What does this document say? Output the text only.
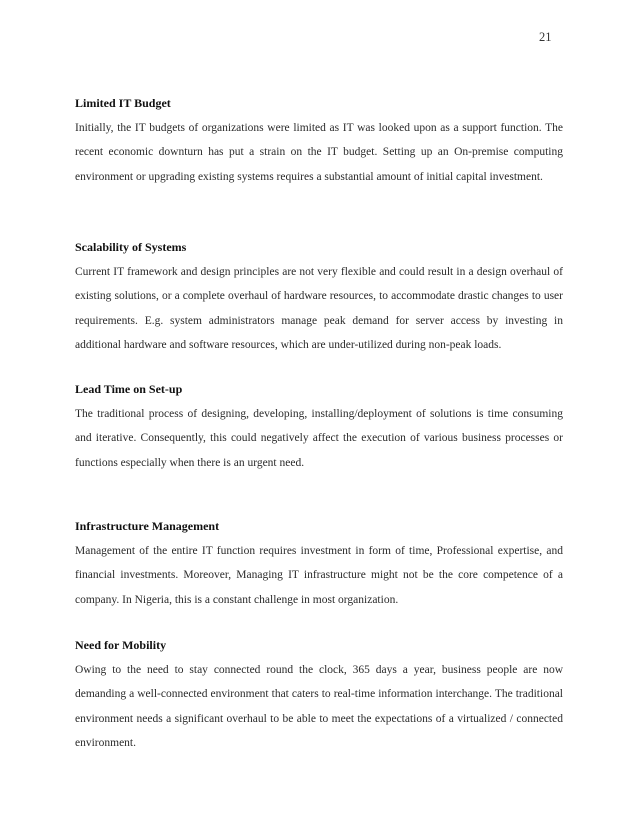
21
Limited IT Budget

Initially, the IT budgets of organizations were limited as IT was looked upon as a support function. The recent economic downturn has put a strain on the IT budget. Setting up an On-premise computing environment or upgrading existing systems requires a substantial amount of initial capital investment.

Scalability of Systems

Current IT framework and design principles are not very flexible and could result in a design overhaul of existing solutions, or a complete overhaul of hardware resources, to accommodate drastic changes to user requirements. E.g. system administrators manage peak demand for server access by investing in additional hardware and software resources, which are under-utilized during non-peak loads.

Lead Time on Set-up

The traditional process of designing, developing, installing/deployment of solutions is time consuming and iterative. Consequently, this could negatively affect the execution of various business processes or functions especially when there is an urgent need.

Infrastructure Management

Management of the entire IT function requires investment in form of time, Professional expertise, and financial investments. Moreover, Managing IT infrastructure might not be the core competence of a company. In Nigeria, this is a constant challenge in most organization.

Need for Mobility

Owing to the need to stay connected round the clock, 365 days a year, business people are now demanding a well-connected environment that caters to real-time information interchange. The traditional environment needs a significant overhaul to be able to meet the expectations of a virtualized / connected environment.
